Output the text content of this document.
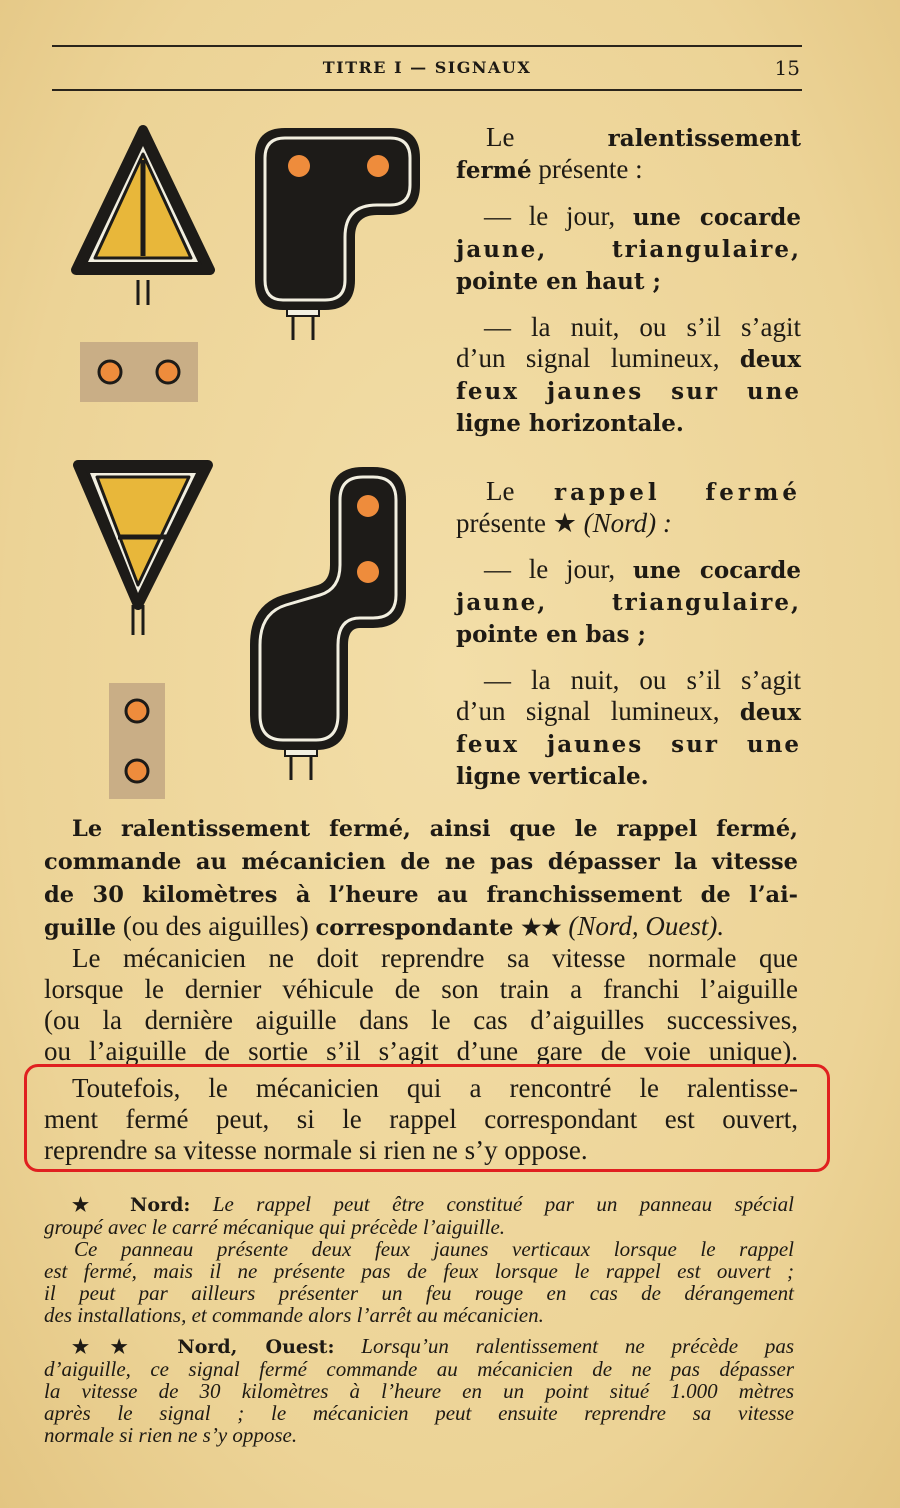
TITRE I — SIGNAUX	15
Le	ralentissement
fermé présente :
— le jour, une cocarde
jaune, triangulaire,
pointe en haut ;
— la nuit, ou s’il s’agit
d’un signal lumineux, deux
feux jaunes sur une
ligne horizontale.
Le rappel fermé
présente ★ (Nord) :
— le jour, une cocarde
jaune, triangulaire,
pointe en bas ;
— la nuit, ou s’il s’agit
d’un signal lumineux, deux
feux jaunes sur une
ligne verticale.
Le ralentissement fermé, ainsi que le rappel fermé,
commande au mécanicien de ne pas dépasser la vitesse
de 30 kilomètres à l’heure au franchissement de l’ai-
guille (ou des aiguilles) correspondante ★★ (Nord, Ouest).
Le mécanicien ne doit reprendre sa vitesse normale que
lorsque le dernier véhicule de son train a franchi l’aiguille
(ou la dernière aiguille dans le cas d’aiguilles successives,
ou l’aiguille de sortie s’il s’agit d’une gare de voie unique).
Toutefois, le mécanicien qui a rencontré le ralentisse-
ment fermé peut, si le rappel correspondant est ouvert,
reprendre sa vitesse normale si rien ne s’y oppose.
★ Nord: Le rappel peut être constitué par un panneau spécial
groupé avec le carré mécanique qui précède l’aiguille.
Ce panneau présente deux feux jaunes verticaux lorsque le rappel
est fermé, mais il ne présente pas de feux lorsque le rappel est ouvert ;
il peut par ailleurs présenter un feu rouge en cas de dérangement
des installations, et commande alors l’arrêt au mécanicien.
★★ Nord, Ouest: Lorsqu’un ralentissement ne précède pas
d’aiguille, ce signal fermé commande au mécanicien de ne pas dépasser
la vitesse de 30 kilomètres à l’heure en un point situé 1.000 mètres
après le signal ; le mécanicien peut ensuite reprendre sa vitesse
normale si rien ne s’y oppose.
